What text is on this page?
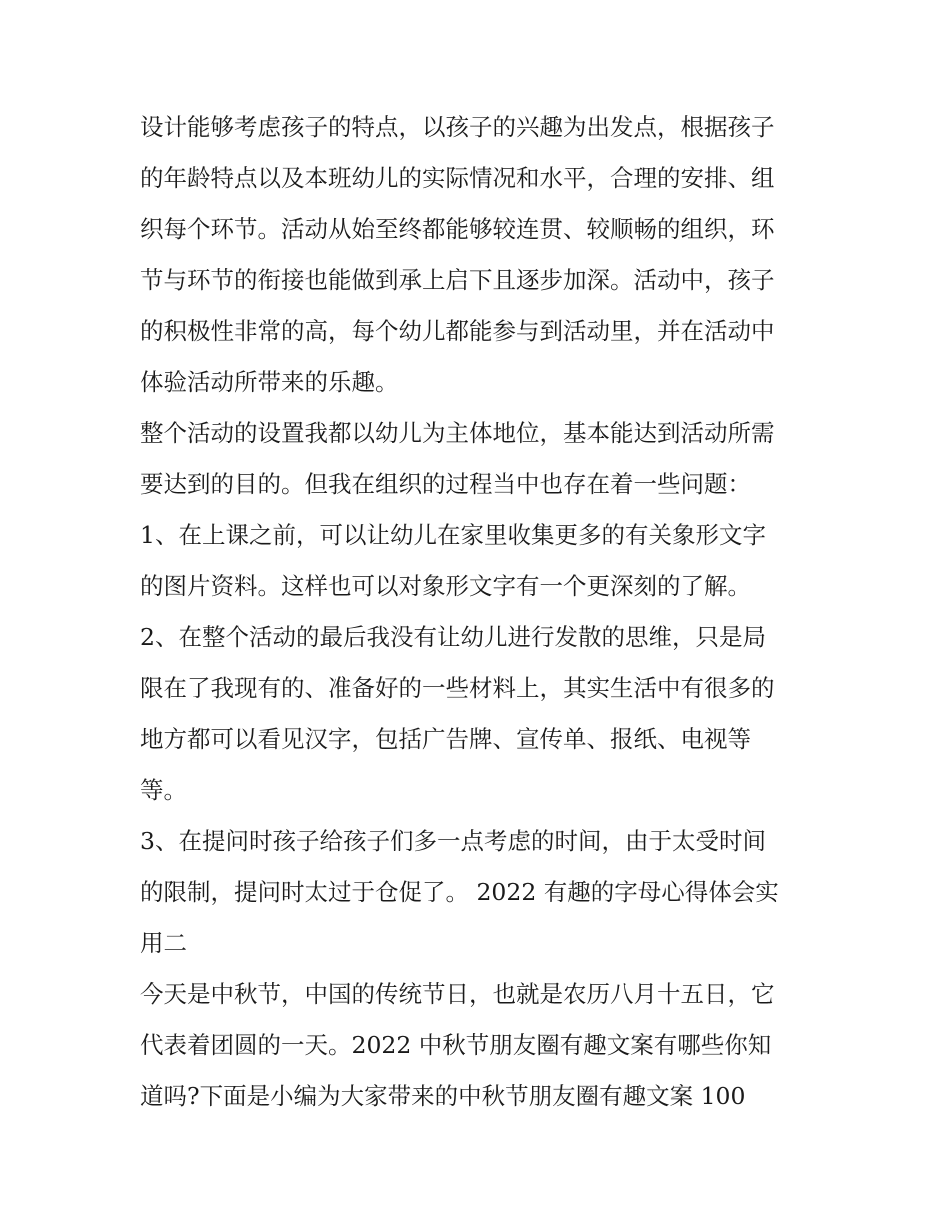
设计能够考虑孩子的特点，以孩子的兴趣为出发点，根据孩子
的年龄特点以及本班幼儿的实际情况和水平，合理的安排、组
织每个环节。活动从始至终都能够较连贯、较顺畅的组织，环
节与环节的衔接也能做到承上启下且逐步加深。活动中，孩子
的积极性非常的高，每个幼儿都能参与到活动里，并在活动中
体验活动所带来的乐趣。
整个活动的设置我都以幼儿为主体地位，基本能达到活动所需
要达到的目的。但我在组织的过程当中也存在着一些问题：
1、在上课之前，可以让幼儿在家里收集更多的有关象形文字
的图片资料。这样也可以对象形文字有一个更深刻的了解。
2、在整个活动的最后我没有让幼儿进行发散的思维，只是局
限在了我现有的、准备好的一些材料上，其实生活中有很多的
地方都可以看见汉字，包括广告牌、宣传单、报纸、电视等
等。
3、在提问时孩子给孩子们多一点考虑的时间，由于太受时间
的限制，提问时太过于仓促了。 2022 有趣的字母心得体会实
用二
今天是中秋节，中国的传统节日，也就是农历八月十五日，它
代表着团圆的一天。2022 中秋节朋友圈有趣文案有哪些你知
道吗?下面是小编为大家带来的中秋节朋友圈有趣文案 100
